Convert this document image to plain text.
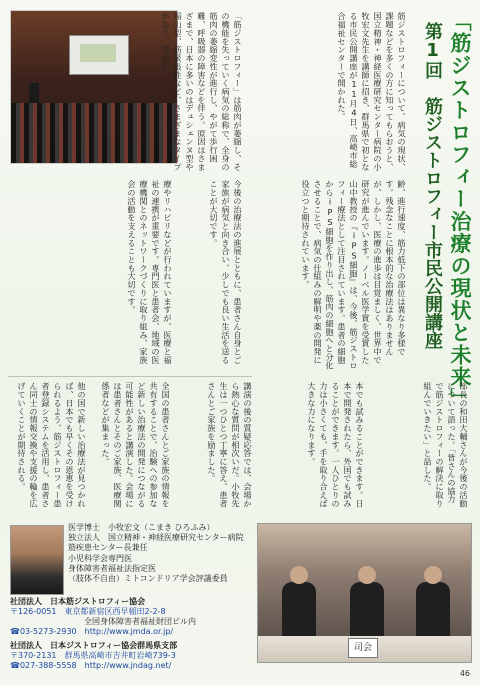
「筋ジストロフィー治療の現状と未来」
第1回　筋ジストロフィー市民公開講座
筋ジストロフィーについて、病気の現状、課題などを多くの方に知ってもらおうと、国立精神・神経医療研究センター病院の小牧宏文先生を講師に招き、群馬県で初となる市民公開講座が11月4日、高崎市総合福祉センターで開かれた。
「筋ジストロフィー」は筋肉が萎縮し、その機能を失っていく病気の総称で、全身の筋肉の萎縮変性が進行し、やがて歩行困難、呼吸器の障害などを伴う。原因はさまざまで、日本に多いのはデュシェンヌ型や福山型、筋緊張性など、さまざまなタイプがあり、発症年
齢、進行速度、筋力低下の部位は異なり多様です。残念なことに根本的な治療法はありませんが、しかし、医療の進歩は目覚ましく、世界中で研究が進んでいます。ノーベル医学賞を受賞した山中教授の『iPS細胞』は、今後、筋ジストロフィー療法として注目されています。患者の細胞からiPS細胞を作り出し、筋肉の細胞へと分化させることで、病気の仕組みの解明や薬の開発に役立つと期待されています。
今後の治療法の進展とともに、患者さん自身とご家族が病気と向き合い、少しでも良い生活を送ることが大切です。
療やリハビリなどが行われていますが、医療と福祉の連携が重要です。専門医と患者会、地域の医療機関とのネットワークづくりに取り組み、家族会の活動を支えることも大切です。
他の国で新しい治療法が見つかれば、日本でも早くその恩恵を受けられるよう、筋ジストロフィー患者登録システムを活用し、患者さん同士の情報交換や支援の輪を広げていくことが期待される。	全国の患者さんとご家族の情報を共有することで、治験への参加など新しい治療法の開発につながる可能性があると講演した。会場には患者さんとそのご家族、医療関係者などが集まった。	講演の後の質疑応答では、会場から熱心な質問が相次いだ。小牧先生は一つひとつ丁寧に答え、患者さんとご家族を励ました。	本でも試みることができます。日本で開発されたら、外国でも試みることができます。一人ひとりの力は小さくても、手を取り合えば大きな力になります。	部長の和田大輔さんが今後の活動について語った。「皆さんの協力で筋ジストロフィーの解決に取り組んでいきたい」と話した。
医学博士　小牧宏文（こまき ひろふみ）
独立法人　国立精神・神経医療研究センター病院
筋疾患センター長兼任
小児科学会専門医
身体障害者福祉法指定医
（肢体不自由）ミトコンドリア学会評議委員
社団法人　日本筋ジストロフィー協会
〒126-0051　東京都新宿区西早稲田2-2-8
全国身体障害者福祉財団ビル内
☎03-5273-2930　http://www.jmda.or.jp/
社団法人　日本ジストロフィー協会群馬県支部
〒370-2131　群馬県高崎市吉井町岩崎739-3
☎027-388-5558　http://www.jndag.net/
司会
46
